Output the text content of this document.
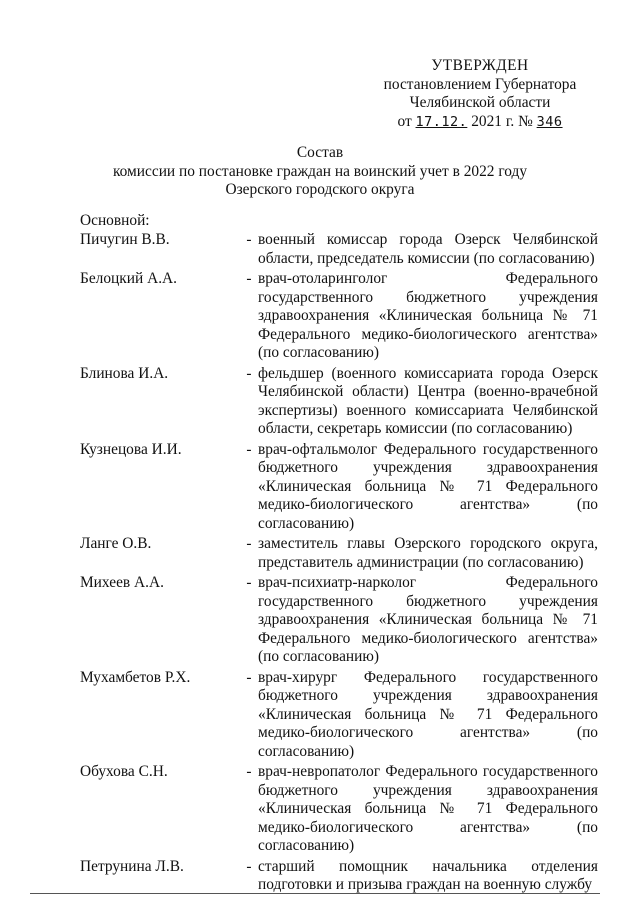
УТВЕРЖДЕН
постановлением Губернатора
Челябинской области
от 17.12. 2021 г. № 346
Состав
комиссии по постановке граждан на воинский учет в 2022 году
Озерского городского округа
Основной:
Пичугин В.В.	- военный комиссар города Озерск Челябинской области, председатель комиссии (по согласованию)
Белоцкий А.А.	- врач-отоларинголог Федерального государственного бюджетного учреждения здравоохранения «Клиническая больница № 71 Федерального медико-биологического агентства» (по согласованию)
Блинова И.А.	- фельдшер (военного комиссариата города Озерск Челябинской области) Центра (военно-врачебной экспертизы) военного комиссариата Челябинской области, секретарь комиссии (по согласованию)
Кузнецова И.И.	- врач-офтальмолог Федерального государственного бюджетного учреждения здравоохранения «Клиническая больница № 71 Федерального медико-биологического агентства» (по согласованию)
Ланге О.В.	- заместитель главы Озерского городского округа, представитель администрации (по согласованию)
Михеев А.А.	- врач-психиатр-нарколог Федерального государственного бюджетного учреждения здравоохранения «Клиническая больница № 71 Федерального медико-биологического агентства» (по согласованию)
Мухамбетов Р.Х.	- врач-хирург Федерального государственного бюджетного учреждения здравоохранения «Клиническая больница № 71 Федерального медико-биологического агентства» (по согласованию)
Обухова С.Н.	- врач-невропатолог Федерального государственного бюджетного учреждения здравоохранения «Клиническая больница № 71 Федерального медико-биологического агентства» (по согласованию)
Петрунина Л.В.	- старший помощник начальника отделения подготовки и призыва граждан на военную службу
